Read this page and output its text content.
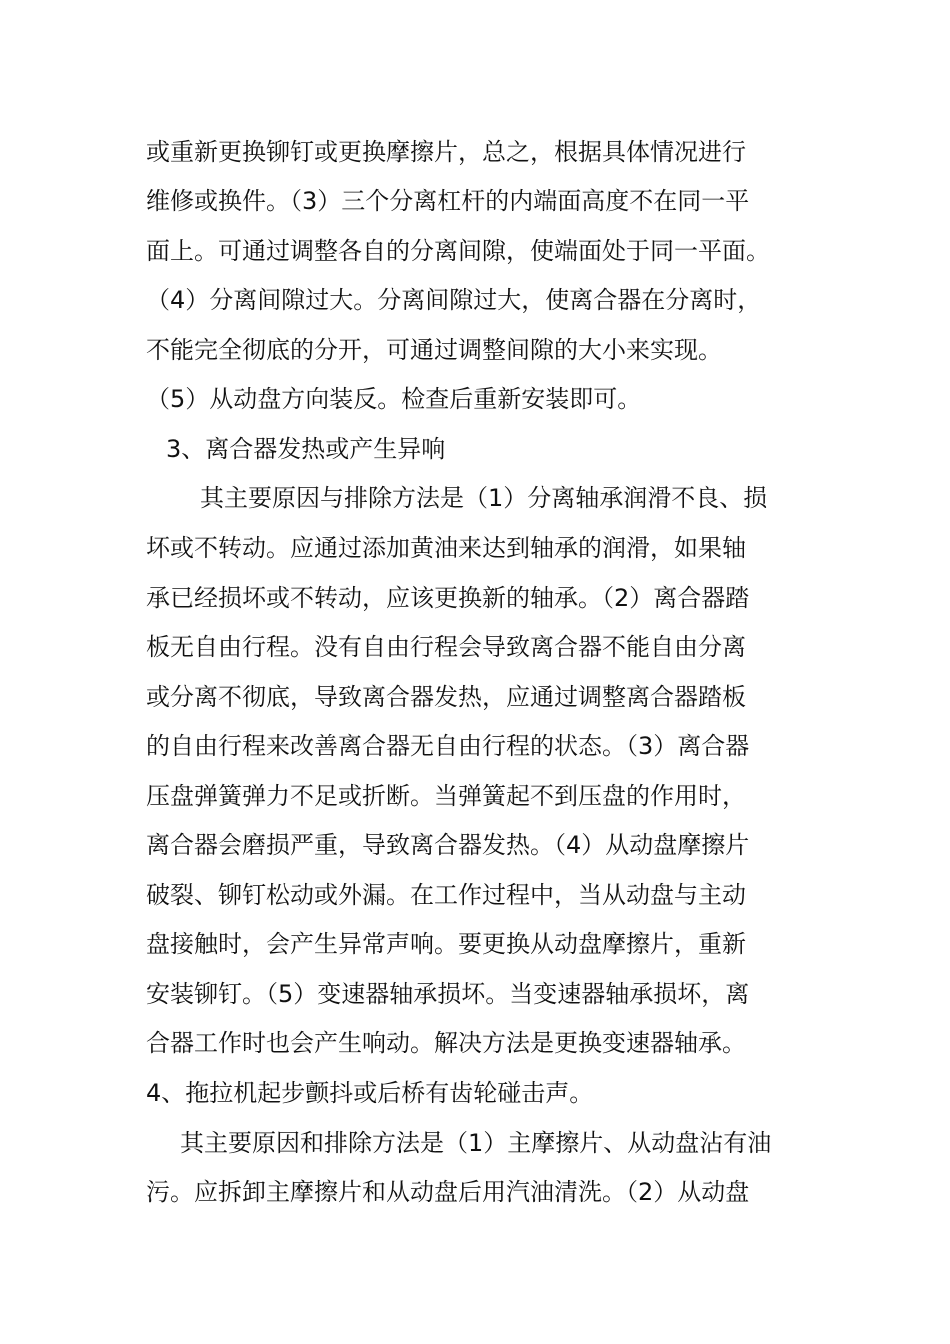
或重新更换铆钉或更换摩擦片，总之，根据具体情况进行
维修或换件。（3）三个分离杠杆的内端面高度不在同一平
面上。可通过调整各自的分离间隙，使端面处于同一平面。
（4）分离间隙过大。分离间隙过大，使离合器在分离时，
不能完全彻底的分开，可通过调整间隙的大小来实现。
（5）从动盘方向装反。检查后重新安装即可。
3、离合器发热或产生异响
其主要原因与排除方法是（1）分离轴承润滑不良、损
坏或不转动。应通过添加黄油来达到轴承的润滑，如果轴
承已经损坏或不转动，应该更换新的轴承。（2）离合器踏
板无自由行程。没有自由行程会导致离合器不能自由分离
或分离不彻底，导致离合器发热，应通过调整离合器踏板
的自由行程来改善离合器无自由行程的状态。（3）离合器
压盘弹簧弹力不足或折断。当弹簧起不到压盘的作用时，
离合器会磨损严重，导致离合器发热。（4）从动盘摩擦片
破裂、铆钉松动或外漏。在工作过程中，当从动盘与主动
盘接触时，会产生异常声响。要更换从动盘摩擦片，重新
安装铆钉。（5）变速器轴承损坏。当变速器轴承损坏，离
合器工作时也会产生响动。解决方法是更换变速器轴承。
4、拖拉机起步颤抖或后桥有齿轮碰击声。
其主要原因和排除方法是（1）主摩擦片、从动盘沾有油
污。应拆卸主摩擦片和从动盘后用汽油清洗。（2）从动盘
